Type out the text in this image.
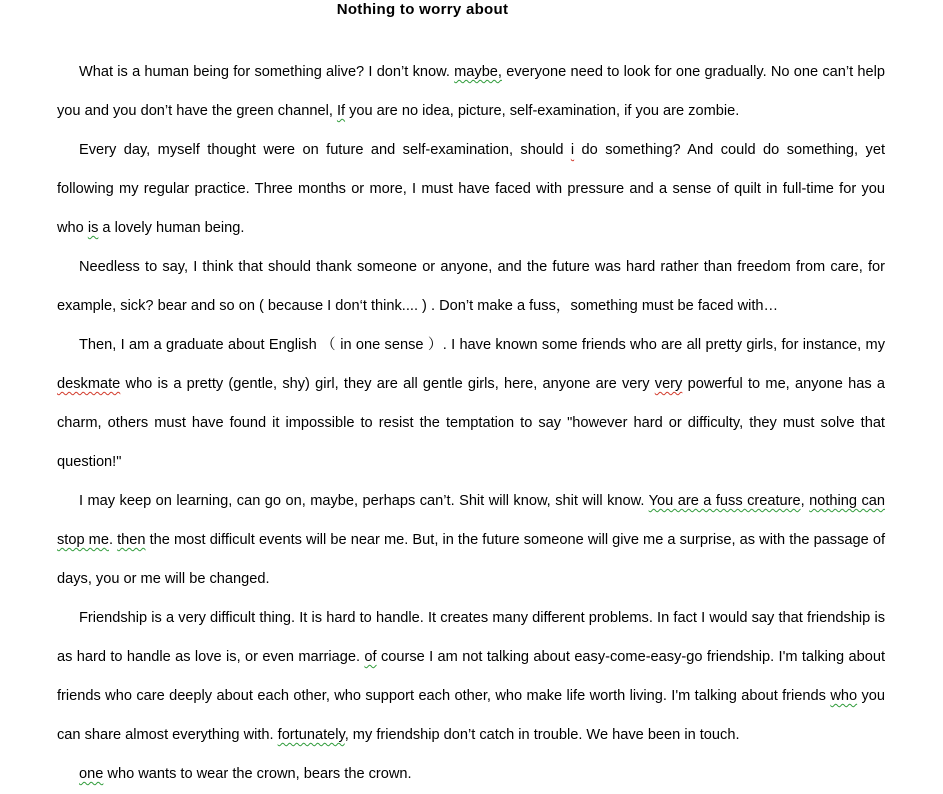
Nothing to worry about

What is a human being for something alive? I don’t know. maybe, everyone need to look for one gradually. No one can’t help you and you don’t have the green channel, If you are no idea, picture, self-examination, if you are zombie.

Every day, myself thought were on future and self-examination, should i do something? And could do something, yet following my regular practice. Three months or more, I must have faced with pressure and a sense of quilt in full-time for you who is a lovely human being.

Needless to say, I think that should thank someone or anyone, and the future was hard rather than freedom from care, for example, sick? bear and so on ( because I don‘t think.... ) . Don’t make a fuss，something must be faced with…

Then, I am a graduate about English （ in one sense ）. I have known some friends who are all pretty girls, for instance, my deskmate who is a pretty (gentle, shy) girl, they are all gentle girls, here, anyone are very very powerful to me, anyone has a charm, others must have found it impossible to resist the temptation to say "however hard or difficulty, they must solve that question!"

I may keep on learning, can go on, maybe, perhaps can’t. Shit will know, shit will know. You are a fuss creature, nothing can stop me. then the most difficult events will be near me. But, in the future someone will give me a surprise, as with the passage of days, you or me will be changed.

Friendship is a very difficult thing. It is hard to handle. It creates many different problems. In fact I would say that friendship is as hard to handle as love is, or even marriage. of course I am not talking about easy-come-easy-go friendship. I'm talking about friends who care deeply about each other, who support each other, who make life worth living. I'm talking about friends who you can share almost everything with. fortunately, my friendship don’t catch in trouble. We have been in touch.

one who wants to wear the crown, bears the crown.
